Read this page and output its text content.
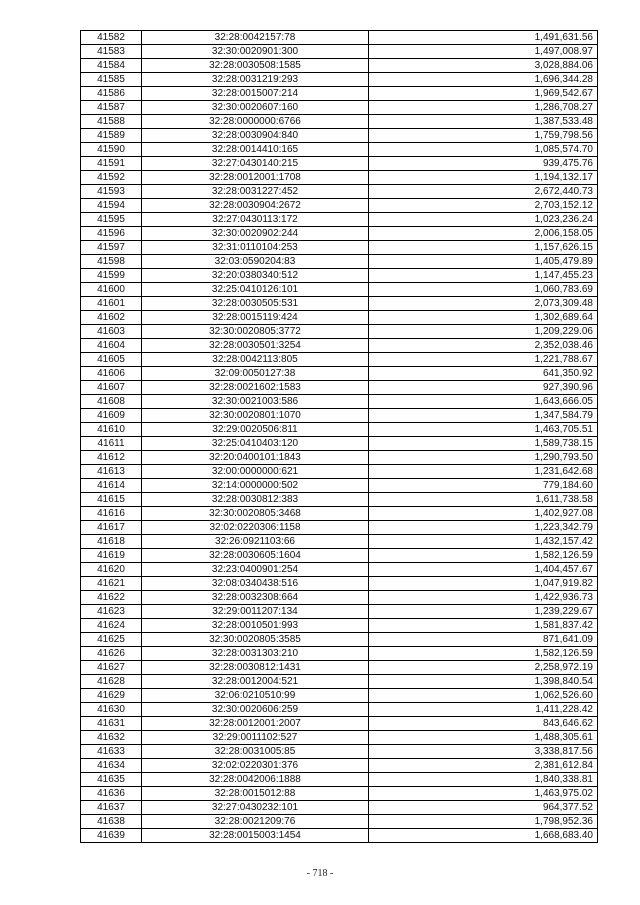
41582	32:28:0042157:78	1,491,631.56
41583	32:30:0020901:300	1,497,008.97
41584	32:28:0030508:1585	3,028,884.06
41585	32:28:0031219:293	1,696,344.28
41586	32:28:0015007:214	1,969,542.67
41587	32:30:0020607:160	1,286,708.27
41588	32:28:0000000:6766	1,387,533.48
41589	32:28:0030904:840	1,759,798.56
41590	32:28:0014410:165	1,085,574.70
41591	32:27:0430140:215	939,475.76
41592	32:28:0012001:1708	1,194,132.17
41593	32:28:0031227:452	2,672,440.73
41594	32:28:0030904:2672	2,703,152.12
41595	32:27:0430113:172	1,023,236.24
41596	32:30:0020902:244	2,006,158.05
41597	32:31:0110104:253	1,157,626.15
41598	32:03:0590204:83	1,405,479.89
41599	32:20:0380340:512	1,147,455.23
41600	32:25:0410126:101	1,060,783.69
41601	32:28:0030505:531	2,073,309.48
41602	32:28:0015119:424	1,302,689.64
41603	32:30:0020805:3772	1,209,229.06
41604	32:28:0030501:3254	2,352,038.46
41605	32:28:0042113:805	1,221,788.67
41606	32:09:0050127:38	641,350.92
41607	32:28:0021602:1583	927,390.96
41608	32:30:0021003:586	1,643,666.05
41609	32:30:0020801:1070	1,347,584.79
41610	32:29:0020506:811	1,463,705.51
41611	32:25:0410403:120	1,589,738.15
41612	32:20:0400101:1843	1,290,793.50
41613	32:00:0000000:621	1,231,642.68
41614	32:14:0000000:502	779,184.60
41615	32:28:0030812:383	1,611,738.58
41616	32:30:0020805:3468	1,402,927.08
41617	32:02:0220306:1158	1,223,342.79
41618	32:26:0921103:66	1,432,157.42
41619	32:28:0030605:1604	1,582,126.59
41620	32:23:0400901:254	1,404,457.67
41621	32:08:0340438:516	1,047,919.82
41622	32:28:0032308:664	1,422,936.73
41623	32:29:0011207:134	1,239,229.67
41624	32:28:0010501:993	1,581,837.42
41625	32:30:0020805:3585	871,641.09
41626	32:28:0031303:210	1,582,126.59
41627	32:28:0030812:1431	2,258,972.19
41628	32:28:0012004:521	1,398,840.54
41629	32:06:0210510:99	1,062,526.60
41630	32:30:0020606:259	1,411,228.42
41631	32:28:0012001:2007	843,646.62
41632	32:29:0011102:527	1,488,305.61
41633	32:28:0031005:85	3,338,817.56
41634	32:02:0220301:376	2,381,612.84
41635	32:28:0042006:1888	1,840,338.81
41636	32:28:0015012:88	1,463,975.02
41637	32:27:0430232:101	964,377.52
41638	32:28:0021209:76	1,798,952.36
41639	32:28:0015003:1454	1,668,683.40
- 718 -
